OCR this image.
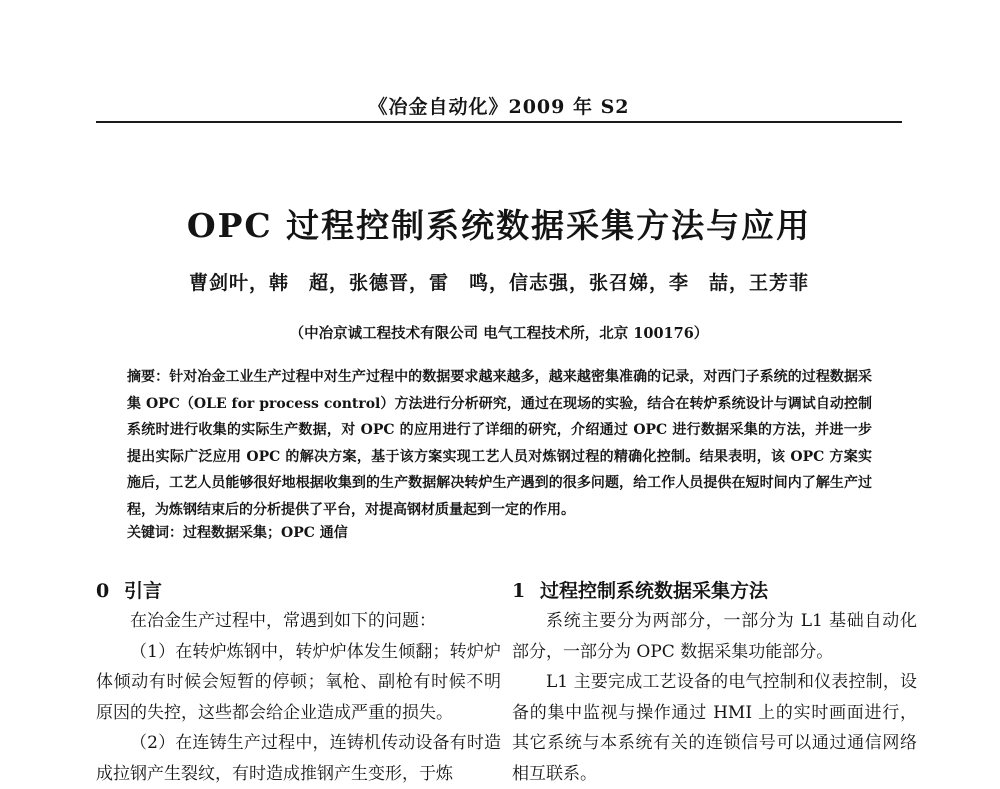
《冶金自动化》2009 年 S2
OPC 过程控制系统数据采集方法与应用
曹剑叶，韩　超，张德晋，雷　鸣，信志强，张召娣，李　喆，王芳菲
（中冶京诚工程技术有限公司 电气工程技术所，北京 100176）
摘要：针对冶金工业生产过程中对生产过程中的数据要求越来越多，越来越密集准确的记录，对西门子系统的过程数据采集 OPC（OLE for process control）方法进行分析研究，通过在现场的实验，结合在转炉系统设计与调试自动控制系统时进行收集的实际生产数据，对 OPC 的应用进行了详细的研究，介绍通过 OPC 进行数据采集的方法，并进一步提出实际广泛应用 OPC 的解决方案，基于该方案实现工艺人员对炼钢过程的精确化控制。结果表明，该 OPC 方案实施后，工艺人员能够很好地根据收集到的生产数据解决转炉生产遇到的很多问题，给工作人员提供在短时间内了解生产过程，为炼钢结束后的分析提供了平台，对提高钢材质量起到一定的作用。
关键词：过程数据采集；OPC 通信

0 引言

在冶金生产过程中，常遇到如下的问题：

（1）在转炉炼钢中，转炉炉体发生倾翻；转炉炉体倾动有时候会短暂的停顿；氧枪、副枪有时候不明原因的失控，这些都会给企业造成严重的损失。

（2）在连铸生产过程中，连铸机传动设备有时造成拉钢产生裂纹，有时造成推钢产生变形，于炼

1 过程控制系统数据采集方法

系统主要分为两部分，一部分为 L1 基础自动化部分，一部分为 OPC 数据采集功能部分。

L1 主要完成工艺设备的电气控制和仪表控制，设备的集中监视与操作通过 HMI 上的实时画面进行，其它系统与本系统有关的连锁信号可以通过通信网络相互联系。
